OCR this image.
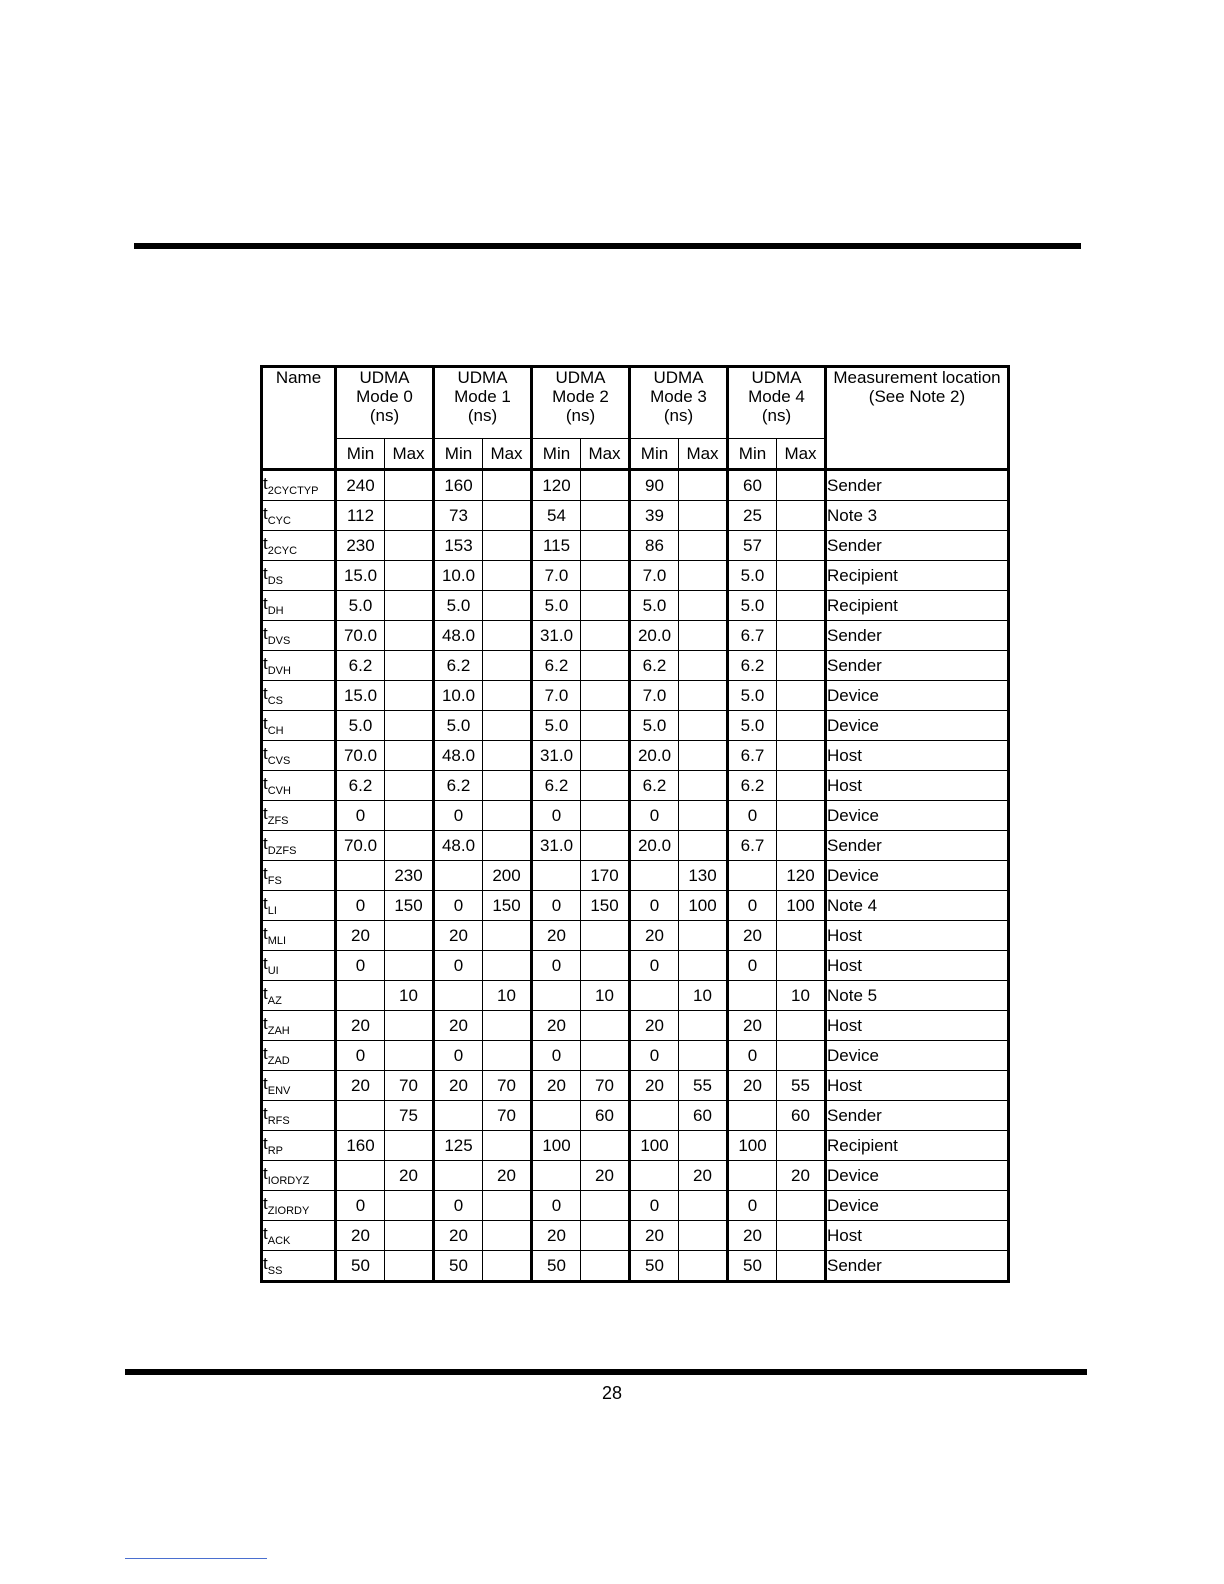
Name	UDMA
Mode 0
(ns)		UDMA
Mode 1
(ns)		UDMA
Mode 2
(ns)		UDMA
Mode 3
(ns)		UDMA
Mode 4
(ns)		Measurement location
(See Note 2)
	Min	Max	Min	Max	Min	Max	Min	Max	Min	Max	
$t_{2CYCTYP}$	240		160		120		90		60		Sender
$t_{CYC}$	112		73		54		39		25		Note 3
$t_{2CYC}$	230		153		115		86		57		Sender
$t_{DS}$	15.0		10.0		7.0		7.0		5.0		Recipient
$t_{DH}$	5.0		5.0		5.0		5.0		5.0		Recipient
$t_{DVS}$	70.0		48.0		31.0		20.0		6.7		Sender
$t_{DVH}$	6.2		6.2		6.2		6.2		6.2		Sender
$t_{CS}$	15.0		10.0		7.0		7.0		5.0		Device
$t_{CH}$	5.0		5.0		5.0		5.0		5.0		Device
$t_{CVS}$	70.0		48.0		31.0		20.0		6.7		Host
$t_{CVH}$	6.2		6.2		6.2		6.2		6.2		Host
$t_{ZFS}$	0		0		0		0		0		Device
$t_{DZFS}$	70.0		48.0		31.0		20.0		6.7		Sender
$t_{FS}$		230		200		170		130		120	Device
$t_{LI}$	0	150	0	150	0	150	0	100	0	100	Note 4
$t_{MLI}$	20		20		20		20		20		Host
$t_{UI}$	0		0		0		0		0		Host
$t_{AZ}$		10		10		10		10		10	Note 5
$t_{ZAH}$	20		20		20		20		20		Host
$t_{ZAD}$	0		0		0		0		0		Device
$t_{ENV}$	20	70	20	70	20	70	20	55	20	55	Host
$t_{RFS}$		75		70		60		60		60	Sender
$t_{RP}$	160		125		100		100		100		Recipient
$t_{IORDYZ}$		20		20		20		20		20	Device
$t_{ZIORDY}$	0		0		0		0		0		Device
$t_{ACK}$	20		20		20		20		20		Host
$t_{SS}$	50		50		50		50		50		Sender
28
